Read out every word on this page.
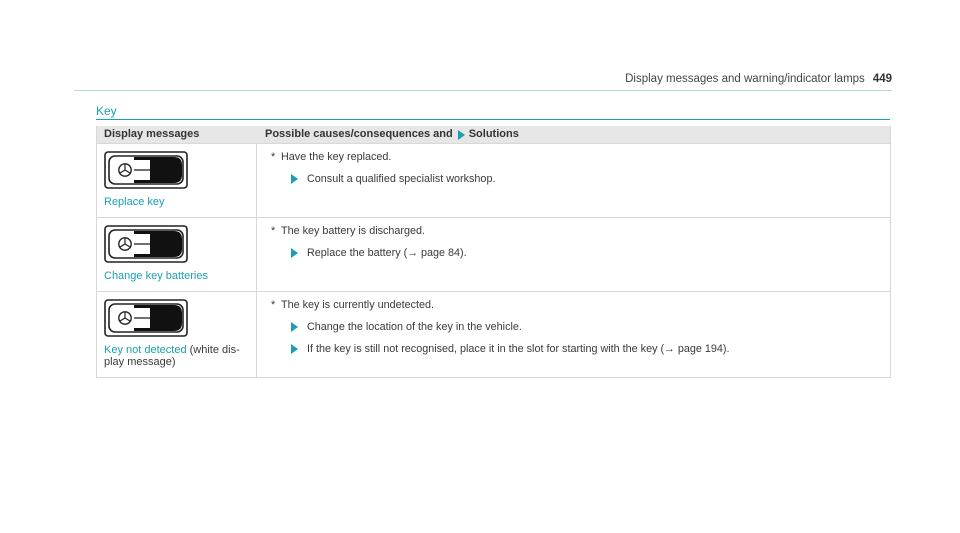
Display messages and warning/indicator lamps 449
Key
Display messages	Possible causes/consequences and Solutions
Replace key
* Have the key replaced.
Consult a qualified specialist workshop.
Change key batteries
* The key battery is discharged.
Replace the battery (→ page 84).
Key not detected (white dis-
play message)
* The key is currently undetected.
Change the location of the key in the vehicle.
If the key is still not recognised, place it in the slot for starting with the key (→ page 194).
